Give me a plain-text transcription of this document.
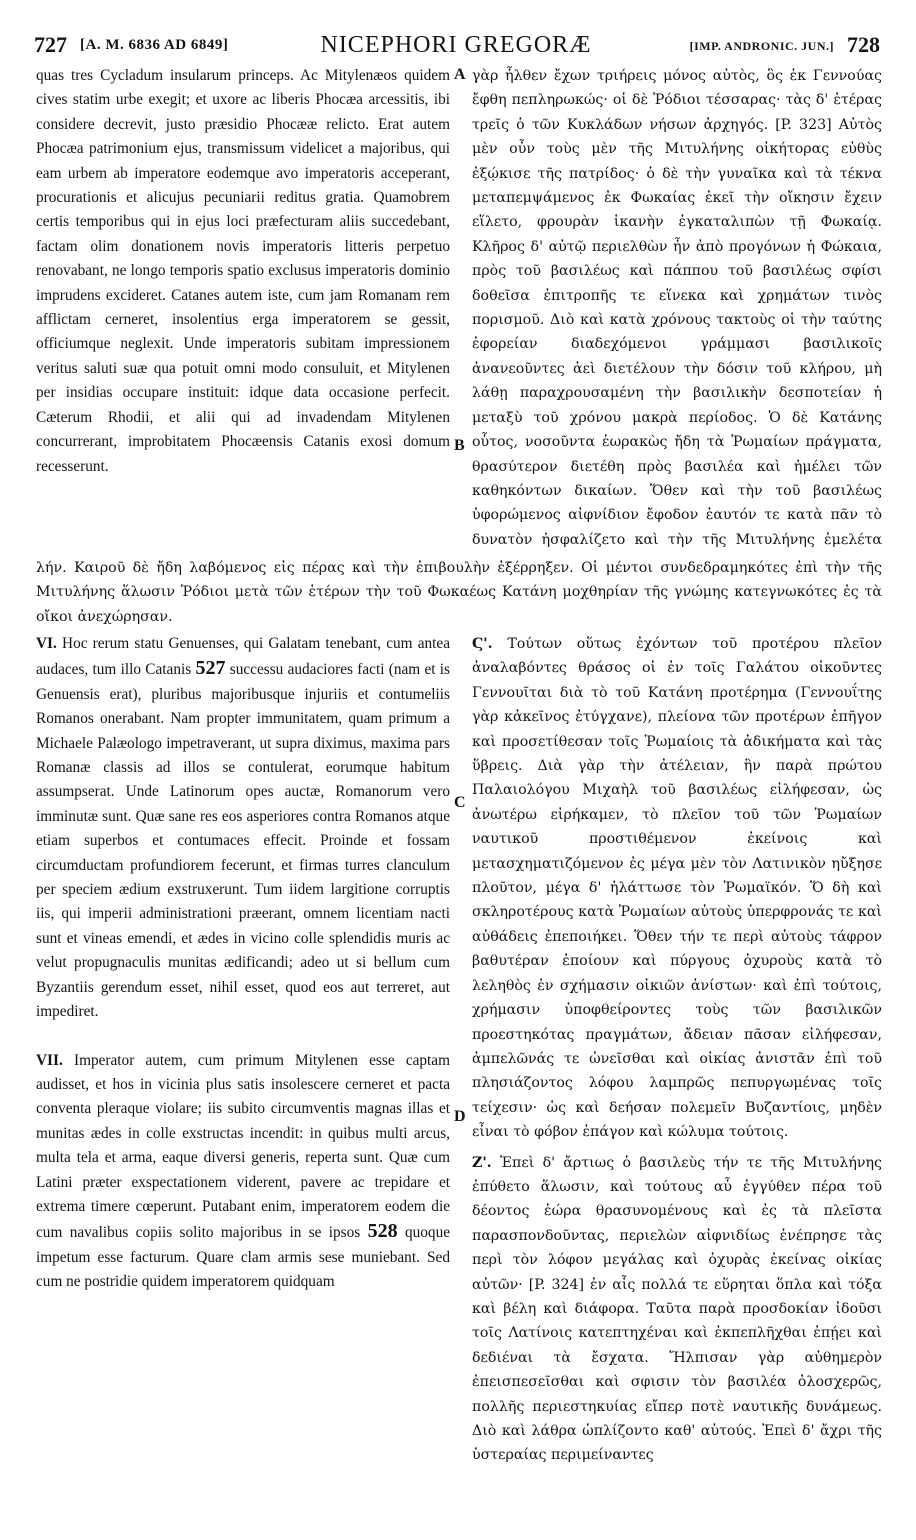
727 [A. M. 6836 AD 6849]	NICEPHORI GREGORÆ	[IMP. ANDRONIC. JUN.] 728
A
B
C
D

quas tres Cycladum insularum princeps. Ac Mitylenæos quidem cives statim urbe exegit; et uxore ac liberis Phocæa arcessitis, ibi considere decrevit, justo præsidio Phocææ relicto. Erat autem Phocæa patrimonium ejus, transmissum videlicet a majoribus, qui eam urbem ab imperatore eodemque avo imperatoris acceperant, procurationis et alicujus pecuniarii reditus gratia. Quamobrem certis temporibus qui in ejus loci præfecturam aliis succedebant, factam olim donationem novis imperatoris litteris perpetuo renovabant, ne longo temporis spatio exclusus imperatoris dominio imprudens excideret. Catanes autem iste, cum jam Romanam rem afflictam cerneret, insolentius erga imperatorem se gessit, officiumque neglexit. Unde imperatoris subitam impressionem veritus saluti suæ qua potuit omni modo consuluit, et Mitylenen per insidias occupare instituit: idque data occasione perfecit. Cæterum Rhodii, et alii qui ad invadendam Mitylenen concurrerant, improbitatem Phocæensis Catanis exosi domum recesserunt.

γὰρ ἦλθεν ἔχων τριήρεις μόνος αὐτὸς, ὃς ἐκ Γεννούας ἔφθη πεπληρωκώς· οἱ δὲ Ῥόδιοι τέσσαρας· τὰς δ' ἑτέρας τρεῖς ὁ τῶν Κυκλάδων νήσων ἀρχηγός. [P. 323] Αὐτὸς μὲν οὖν τοὺς μὲν τῆς Μιτυλήνης οἰκήτορας εὐθὺς ἐξῴκισε τῆς πατρίδος· ὁ δὲ τὴν γυναῖκα καὶ τὰ τέκνα μεταπεμψάμενος ἐκ Φωκαίας ἐκεῖ τὴν οἴκησιν ἔχειν εἵλετο, φρουρὰν ἱκανὴν ἐγκαταλιπὼν τῇ Φωκαίᾳ. Κλῆρος δ' αὐτῷ περιελθὼν ἦν ἀπὸ προγόνων ἡ Φώκαια, πρὸς τοῦ βασιλέως καὶ πάππου τοῦ βασιλέως σφίσι δοθεῖσα ἐπιτροπῆς τε εἵνεκα καὶ χρημάτων τινὸς πορισμοῦ. Διὸ καὶ κατὰ χρόνους τακτοὺς οἱ τὴν ταύτης ἐφορείαν διαδεχόμενοι γράμμασι βασιλικοῖς ἀνανεοῦντες ἀεὶ διετέλουν τὴν δόσιν τοῦ κλήρου, μὴ λάθῃ παραχρουσαμένη τὴν βασιλικὴν δεσποτείαν ἡ μεταξὺ τοῦ χρόνου μακρὰ περίοδος. Ὁ δὲ Κατάνης οὗτος, νοσοῦντα ἑωρακὼς ἤδη τὰ Ῥωμαίων πράγματα, θρασύτερον διετέθη πρὸς βασιλέα καὶ ἠμέλει τῶν καθηκόντων δικαίων. Ὅθεν καὶ τὴν τοῦ βασιλέως ὑφορώμενος αἰφνίδιον ἔφοδον ἑαυτόν τε κατὰ πᾶν τὸ δυνατὸν ἠσφαλίζετο καὶ τὴν τῆς Μιτυλήνης ἐμελέτα

λήν. Καιροῦ δὲ ἤδη λαβόμενος εἰς πέρας καὶ τὴν ἐπιβουλὴν ἐξέρρηξεν. Οἱ μέντοι συνδεδραμηκότες ἐπὶ τὴν τῆς Μιτυλήνης ἅλωσιν Ῥόδιοι μετὰ τῶν ἑτέρων τὴν τοῦ Φωκαέως Κατάνη μοχθηρίαν τῆς γνώμης κατεγνωκότες ἐς τὰ οἴκοι ἀνεχώρησαν.

VI. Hoc rerum statu Genuenses, qui Galatam tenebant, cum antea audaces, tum illo Catanis 527 successu audaciores facti (nam et is Genuensis erat), pluribus majoribusque injuriis et contumeliis Romanos onerabant. Nam propter immunitatem, quam primum a Michaele Palæologo impetraverant, ut supra diximus, maxima pars Romanæ classis ad illos se contulerat, eorumque habitum assumpserat. Unde Latinorum opes auctæ, Romanorum vero imminutæ sunt. Quæ sane res eos asperiores contra Romanos atque etiam superbos et contumaces effecit. Proinde et fossam circumductam profundiorem fecerunt, et firmas turres clanculum per speciem ædium exstruxerunt. Tum iidem largitione corruptis iis, qui imperii administrationi præerant, omnem licentiam nacti sunt et vineas emendi, et ædes in vicino colle splendidis muris ac velut propugnaculis munitas ædificandi; adeo ut si bellum cum Byzantiis gerendum esset, nihil esset, quod eos aut terreret, aut impediret.

VII. Imperator autem, cum primum Mitylenen esse captam audisset, et hos in vicinia plus satis insolescere cerneret et pacta conventa pleraque violare; iis subito circumventis magnas illas et munitas ædes in colle exstructas incendit: in quibus multi arcus, multa tela et arma, eaque diversi generis, reperta sunt. Quæ cum Latini præter exspectationem viderent, pavere ac trepidare et extrema timere cœperunt. Putabant enim, imperatorem eodem die cum navalibus copiis solito majoribus in se ipsos 528 quoque impetum esse facturum. Quare clam armis sese muniebant. Sed cum ne postridie quidem imperatorem quidquam

Ϛ'. Τούτων οὕτως ἐχόντων τοῦ προτέρου πλεῖον ἀναλαβόντες θράσος οἱ ἐν τοῖς Γαλάτου οἰκοῦντες Γεννουῖται διὰ τὸ τοῦ Κατάνη προτέρημα (Γεννουΐτης γὰρ κἀκεῖνος ἐτύγχανε), πλείονα τῶν προτέρων ἐπῆγον καὶ προσετίθεσαν τοῖς Ῥωμαίοις τὰ ἀδικήματα καὶ τὰς ὕβρεις. Διὰ γὰρ τὴν ἀτέλειαν, ἣν παρὰ πρώτου Παλαιολόγου Μιχαὴλ τοῦ βασιλέως εἰλήφεσαν, ὡς ἀνωτέρω εἰρήκαμεν, τὸ πλεῖον τοῦ τῶν Ῥωμαίων ναυτικοῦ προστιθέμενον ἐκείνοις καὶ μετασχηματιζόμενον ἐς μέγα μὲν τὸν Λατινικὸν ηὔξησε πλοῦτον, μέγα δ' ἠλάττωσε τὸν Ῥωμαϊκόν. Ὅ δὴ καὶ σκληροτέρους κατὰ Ῥωμαίων αὐτοὺς ὑπερφρονάς τε καὶ αὐθάδεις ἐπεποιήκει. Ὅθεν τήν τε περὶ αὐτοὺς τάφρον βαθυτέραν ἐποίουν καὶ πύργους ὀχυροὺς κατὰ τὸ λεληθὸς ἐν σχήμασιν οἰκιῶν ἀνίστων· καὶ ἐπὶ τούτοις, χρήμασιν ὑποφθείροντες τοὺς τῶν βασιλικῶν προεστηκότας πραγμάτων, ἄδειαν πᾶσαν εἰλήφεσαν, ἀμπελῶνάς τε ὠνεῖσθαι καὶ οἰκίας ἀνιστᾶν ἐπὶ τοῦ πλησιάζοντος λόφου λαμπρῶς πεπυργωμένας τοῖς τείχεσιν· ὡς καὶ δεήσαν πολεμεῖν Βυζαντίοις, μηδὲν εἶναι τὸ φόβον ἐπάγον καὶ κώλυμα τούτοις.

Ζ'. Ἐπεὶ δ' ἄρτιως ὁ βασιλεὺς τήν τε τῆς Μιτυλήνης ἐπύθετο ἅλωσιν, καὶ τούτους αὖ ἐγγύθεν πέρα τοῦ δέοντος ἑώρα θρασυνομένους καὶ ἐς τὰ πλεῖστα παρασπονδοῦντας, περιελὼν αἰφνιδίως ἐνέπρησε τὰς περὶ τὸν λόφον μεγάλας καὶ ὀχυρὰς ἐκείνας οἰκίας αὐτῶν· [P. 324] ἐν αἷς πολλά τε εὕρηται ὅπλα καὶ τόξα καὶ βέλη καὶ διάφορα. Ταῦτα παρὰ προσδοκίαν ἰδοῦσι τοῖς Λατίνοις κατεπτηχέναι καὶ ἐκπεπλῆχθαι ἐπῄει καὶ δεδιέναι τὰ ἔσχατα. Ἤλπισαν γὰρ αὐθημερὸν ἐπεισπεσεῖσθαι καὶ σφισιν τὸν βασιλέα ὁλοσχερῶς, πολλῆς περιεστηκυίας εἴπερ ποτὲ ναυτικῆς δυνάμεως. Διὸ καὶ λάθρα ὡπλίζοντο καθ' αὑτούς. Ἐπεὶ δ' ἄχρι τῆς ὑστεραίας περιμείναντες
